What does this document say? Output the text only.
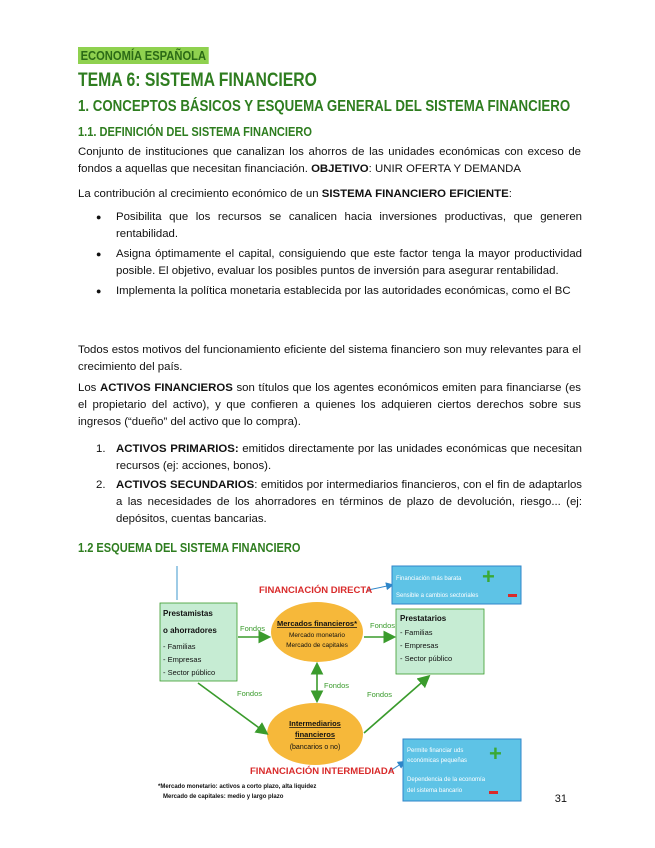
ECONOMÍA ESPAÑOLA
TEMA 6: SISTEMA FINANCIERO
1. CONCEPTOS BÁSICOS Y ESQUEMA GENERAL DEL SISTEMA FINANCIERO
1.1. DEFINICIÓN DEL SISTEMA FINANCIERO
Conjunto de instituciones que canalizan los ahorros de las unidades económicas con exceso de fondos a aquellas que necesitan financiación. OBJETIVO: UNIR OFERTA Y DEMANDA
La contribución al crecimiento económico de un SISTEMA FINANCIERO EFICIENTE:
● Posibilita que los recursos se canalicen hacia inversiones productivas, que generen rentabilidad.
● Asigna óptimamente el capital, consiguiendo que este factor tenga la mayor productividad posible. El objetivo, evaluar los posibles puntos de inversión para asegurar rentabilidad.
● Implementa la política monetaria establecida por las autoridades económicas, como el BC
Todos estos motivos del funcionamiento eficiente del sistema financiero son muy relevantes para el crecimiento del país.
Los ACTIVOS FINANCIEROS son títulos que los agentes económicos emiten para financiarse (es el propietario del activo), y que confieren a quienes los adquieren ciertos derechos sobre sus ingresos (“dueño” del activo que lo compra).
1. ACTIVOS PRIMARIOS: emitidos directamente por las unidades económicas que necesitan recursos (ej: acciones, bonos).
2. ACTIVOS SECUNDARIOS: emitidos por intermediarios financieros, con el fin de adaptarlos a las necesidades de los ahorradores en términos de plazo de devolución, riesgo... (ej: depósitos, cuentas bancarias.
1.2 ESQUEMA DEL SISTEMA FINANCIERO
+
+
FINANCIACIÓN DIRECTA
FINANCIACIÓN INTERMEDIADA
Prestamistas
o ahorradores
- Familias
- Empresas
- Sector público
Prestatarios
- Familias
- Empresas
- Sector público
Mercados financieros*
Mercado monetario
Mercado de capitales
Intermediarios
financieros
(bancarios o no)
Fondos	Fondos
Fondos
Fondos	Fondos
Financiación más barata
Sensible a cambios sectoriales
Permite financiar uds
económicas pequeñas
Dependencia de la economía
del sistema bancario
*Mercado monetario: activos a corto plazo, alta liquidez
Mercado de capitales: medio y largo plazo	31
